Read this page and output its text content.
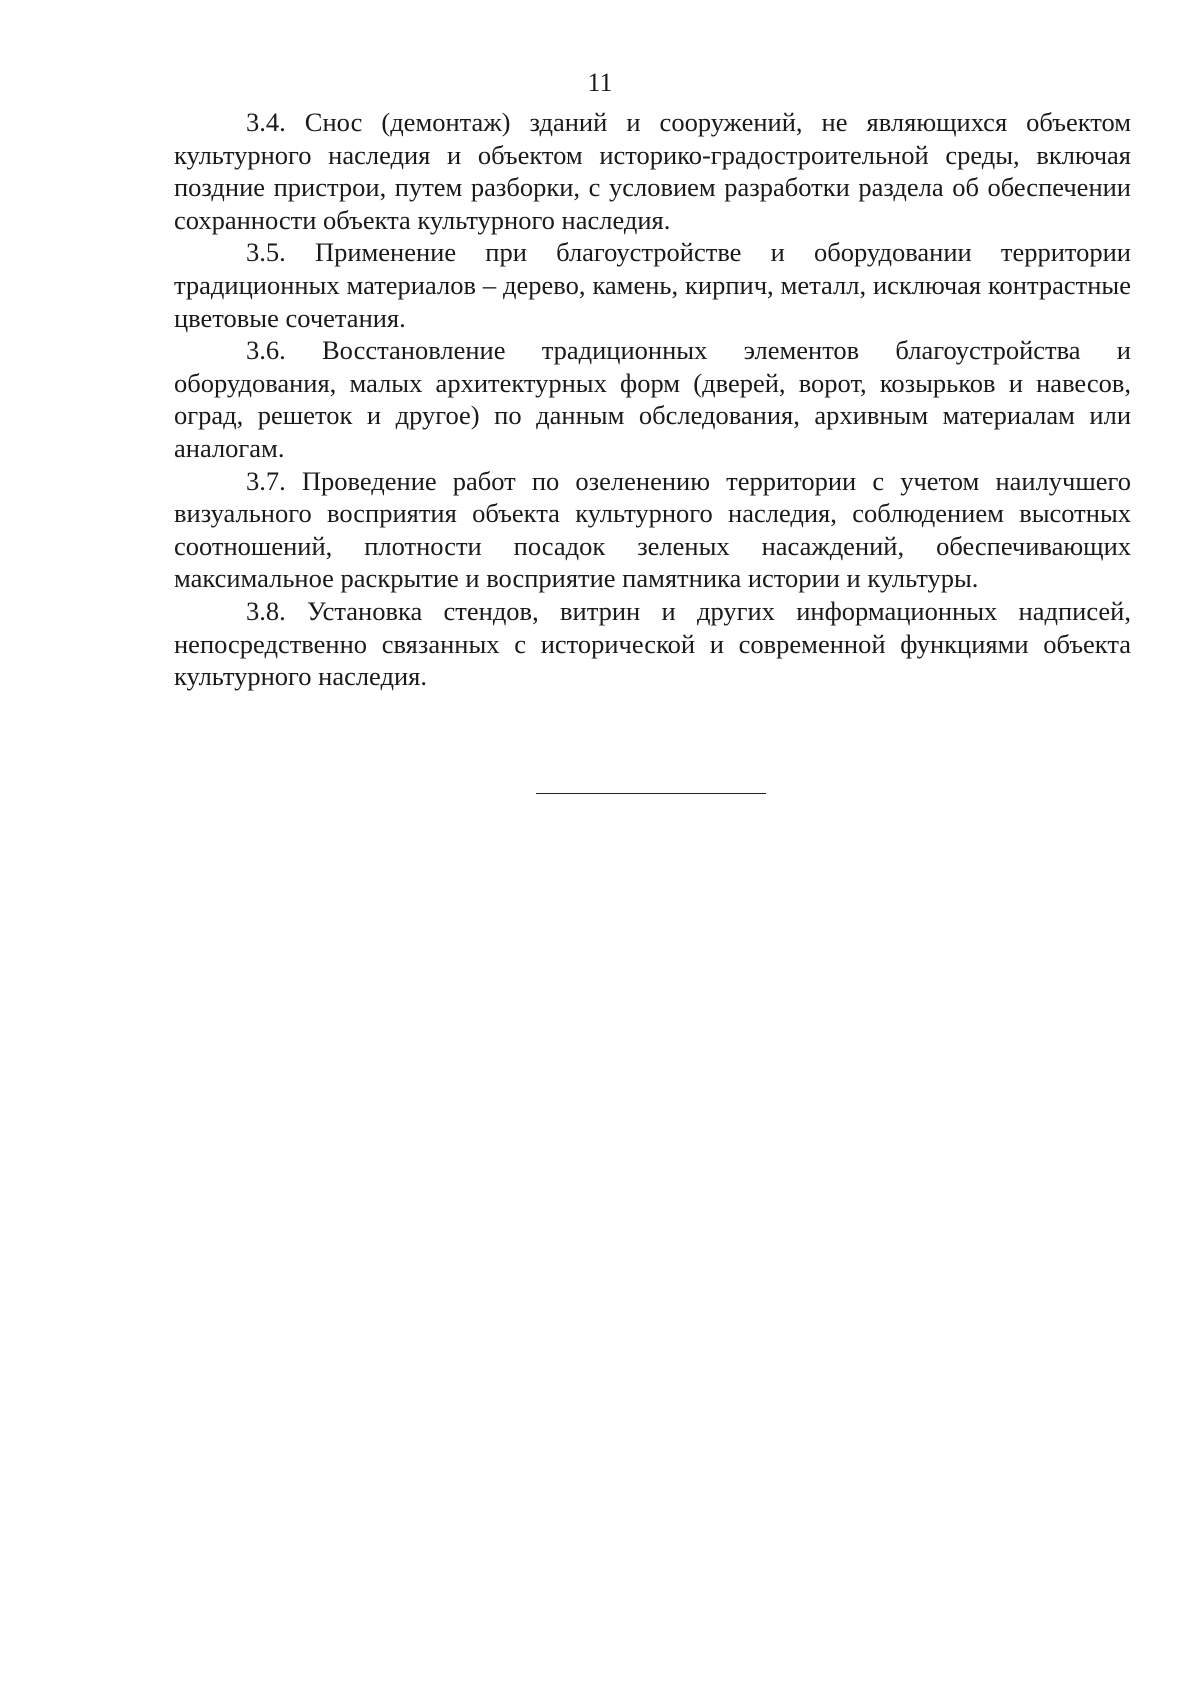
11

3.4. Снос (демонтаж) зданий и сооружений, не являющихся объектом культурного наследия и объектом историко-градостроительной среды, включая поздние пристрои, путем разборки, с условием разработки раздела об обеспечении сохранности объекта культурного наследия.

3.5. Применение при благоустройстве и оборудовании территории традиционных материалов – дерево, камень, кирпич, металл, исключая контрастные цветовые сочетания.

3.6. Восстановление традиционных элементов благоустройства и оборудования, малых архитектурных форм (дверей, ворот, козырьков и навесов, оград, решеток и другое) по данным обследования, архивным материалам или аналогам.

3.7. Проведение работ по озеленению территории с учетом наилучшего визуального восприятия объекта культурного наследия, соблюдением высотных соотношений, плотности посадок зеленых насаждений, обеспечивающих максимальное раскрытие и восприятие памятника истории и культуры.

3.8. Установка стендов, витрин и других информационных надписей, непосредственно связанных с исторической и современной функциями объекта культурного наследия.
